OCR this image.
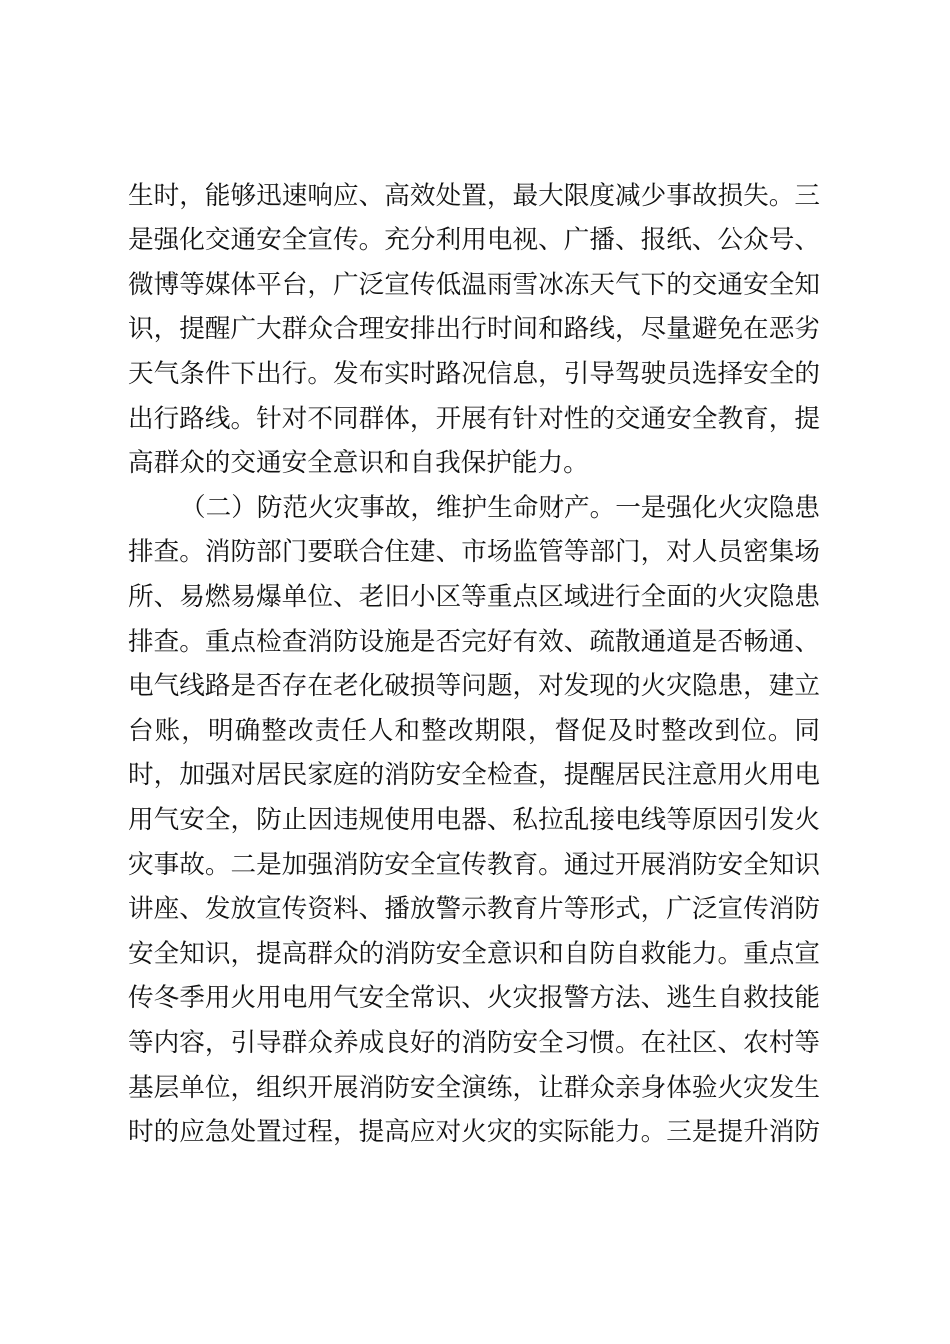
生时，能够迅速响应、高效处置，最大限度减少事故损失。三
是强化交通安全宣传。充分利用电视、广播、报纸、公众号、
微博等媒体平台，广泛宣传低温雨雪冰冻天气下的交通安全知
识，提醒广大群众合理安排出行时间和路线，尽量避免在恶劣
天气条件下出行。发布实时路况信息，引导驾驶员选择安全的
出行路线。针对不同群体，开展有针对性的交通安全教育，提
高群众的交通安全意识和自我保护能力。
（二）防范火灾事故，维护生命财产。一是强化火灾隐患
排查。消防部门要联合住建、市场监管等部门，对人员密集场
所、易燃易爆单位、老旧小区等重点区域进行全面的火灾隐患
排查。重点检查消防设施是否完好有效、疏散通道是否畅通、
电气线路是否存在老化破损等问题，对发现的火灾隐患，建立
台账，明确整改责任人和整改期限，督促及时整改到位。同
时，加强对居民家庭的消防安全检查，提醒居民注意用火用电
用气安全，防止因违规使用电器、私拉乱接电线等原因引发火
灾事故。二是加强消防安全宣传教育。通过开展消防安全知识
讲座、发放宣传资料、播放警示教育片等形式，广泛宣传消防
安全知识，提高群众的消防安全意识和自防自救能力。重点宣
传冬季用火用电用气安全常识、火灾报警方法、逃生自救技能
等内容，引导群众养成良好的消防安全习惯。在社区、农村等
基层单位，组织开展消防安全演练，让群众亲身体验火灾发生
时的应急处置过程，提高应对火灾的实际能力。三是提升消防
